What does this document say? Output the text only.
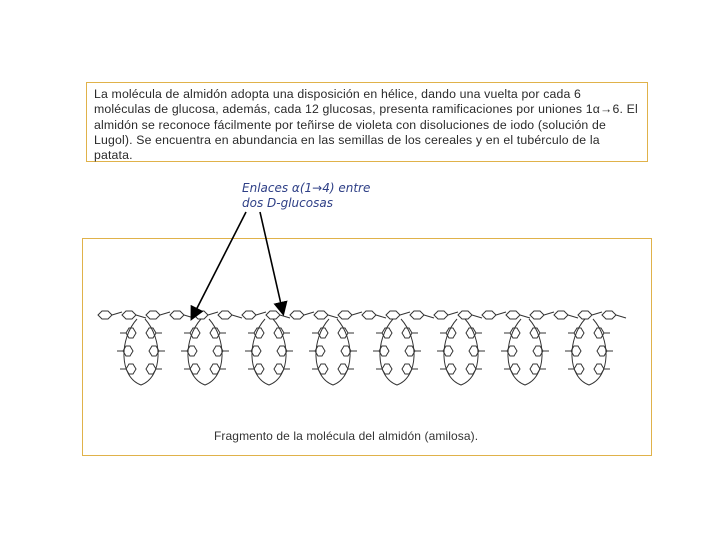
La molécula de almidón adopta una disposición en hélice, dando una vuelta por cada 6 moléculas de glucosa, además, cada 12 glucosas, presenta ramificaciones por uniones 1α→6. El almidón se reconoce fácilmente por teñirse de violeta con disoluciones de iodo (solución de Lugol). Se encuentra en abundancia en las semillas de los cereales y en el tubérculo de la patata.

Enlaces α(1→4) entre
dos D-glucosas
Fragmento de la molécula del almidón (amilosa).
